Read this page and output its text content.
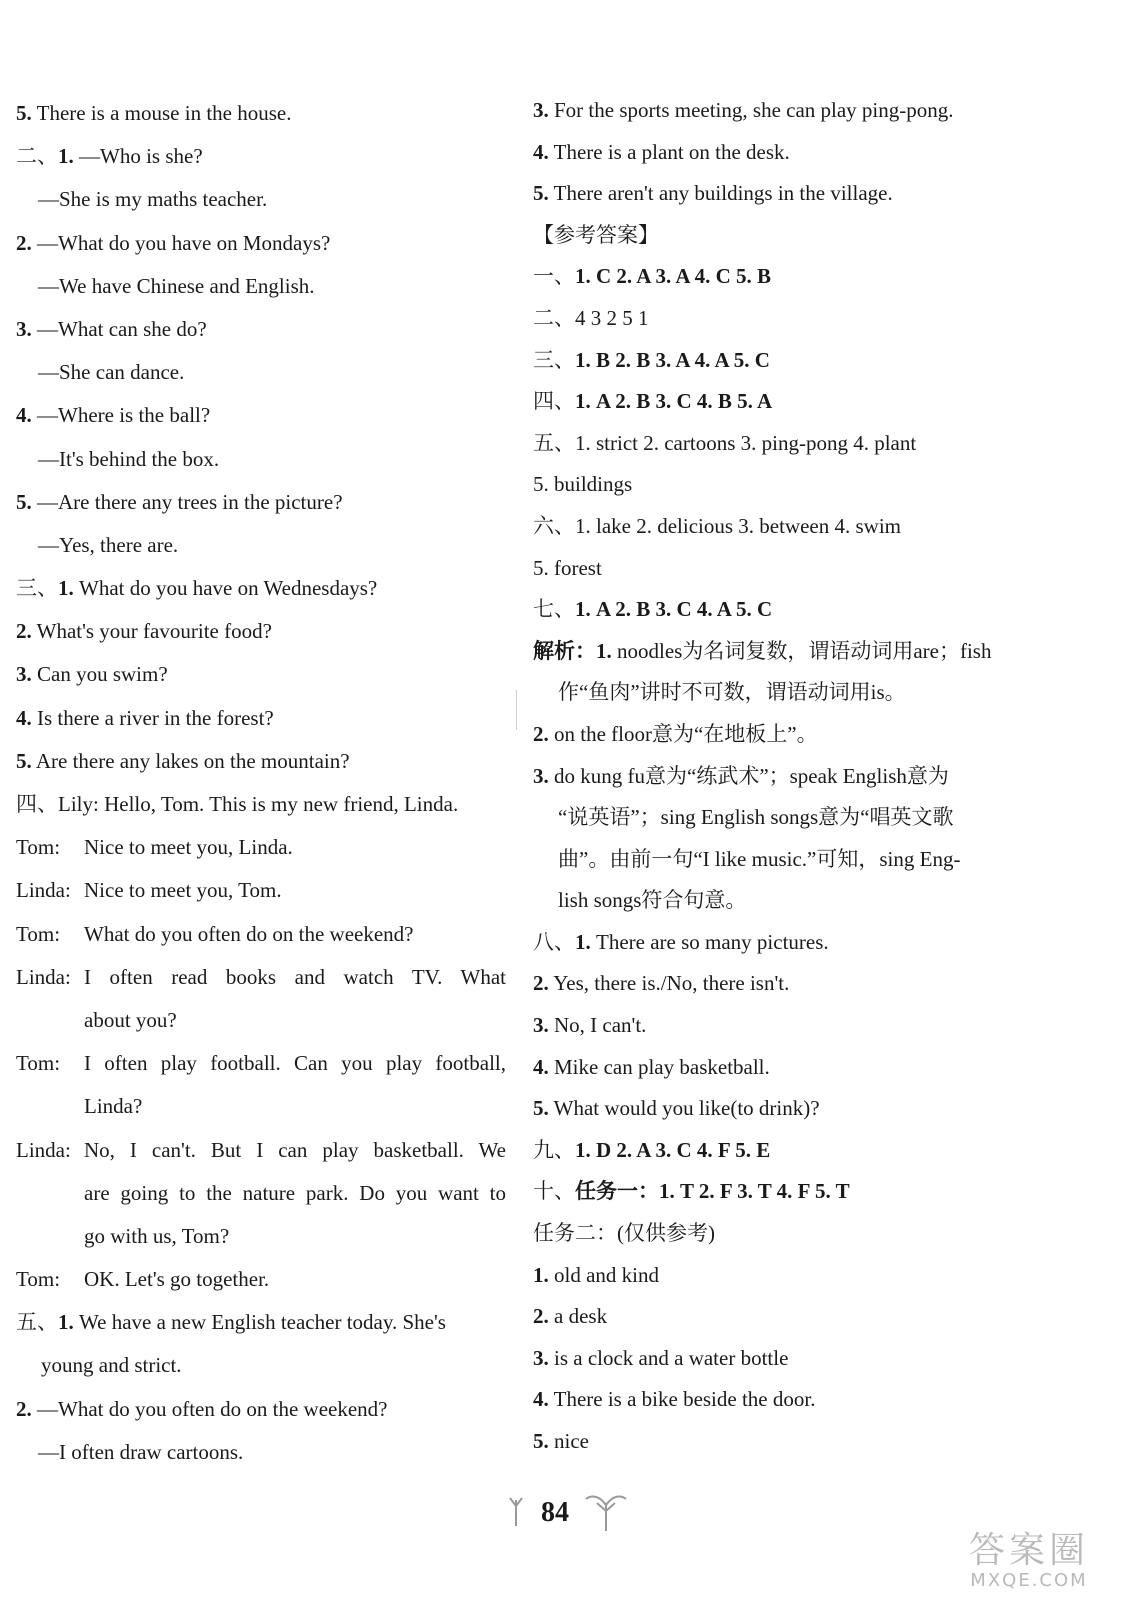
5. There is a mouse in the house.
二、1. —Who is she?
—She is my maths teacher.
2. —What do you have on Mondays?
—We have Chinese and English.
3. —What can she do?
—She can dance.
4. —Where is the ball?
—It's behind the box.
5. —Are there any trees in the picture?
—Yes, there are.
三、1. What do you have on Wednesdays?
2. What's your favourite food?
3. Can you swim?
4. Is there a river in the forest?
5. Are there any lakes on the mountain?
四、Lily: Hello, Tom. This is my new friend, Linda.
Tom:	Nice to meet you, Linda.
Linda: Nice to meet you, Tom.
Tom:	What do you often do on the weekend?
Linda: I often read books and watch TV. What
about you?
Tom:	I often play football. Can you play football,
Linda?
Linda: No, I can't. But I can play basketball. We
are going to the nature park. Do you want to
go with us, Tom?
Tom:	OK. Let's go together.
五、1. We have a new English teacher today. She's
young and strict.
2. —What do you often do on the weekend?
—I often draw cartoons.
3. For the sports meeting, she can play ping-pong.
4. There is a plant on the desk.
5. There aren't any buildings in the village.
【参考答案】
一、1. C 2. A 3. A 4. C 5. B
二、4 3 2 5 1
三、1. B 2. B 3. A 4. A 5. C
四、1. A 2. B 3. C 4. B 5. A
五、1. strict 2. cartoons 3. ping-pong 4. plant
5. buildings
六、1. lake 2. delicious 3. between 4. swim
5. forest
七、1. A 2. B 3. C 4. A 5. C
解析：1. noodles为名词复数，谓语动词用are；fish
作“鱼肉”讲时不可数，谓语动词用is。
2. on the floor意为“在地板上”。
3. do kung fu意为“练武术”；speak English意为
“说英语”；sing English songs意为“唱英文歌
曲”。由前一句“I like music.”可知，sing Eng-
lish songs符合句意。
八、1. There are so many pictures.
2. Yes, there is./No, there isn't.
3. No, I can't.
4. Mike can play basketball.
5. What would you like(to drink)?
九、1. D 2. A 3. C 4. F 5. E
十、任务一：1. T 2. F 3. T 4. F 5. T
任务二：(仅供参考)
1. old and kind
2. a desk
3. is a clock and a water bottle
4. There is a bike beside the door.
5. nice
84
答案圈
MXQE.COM
